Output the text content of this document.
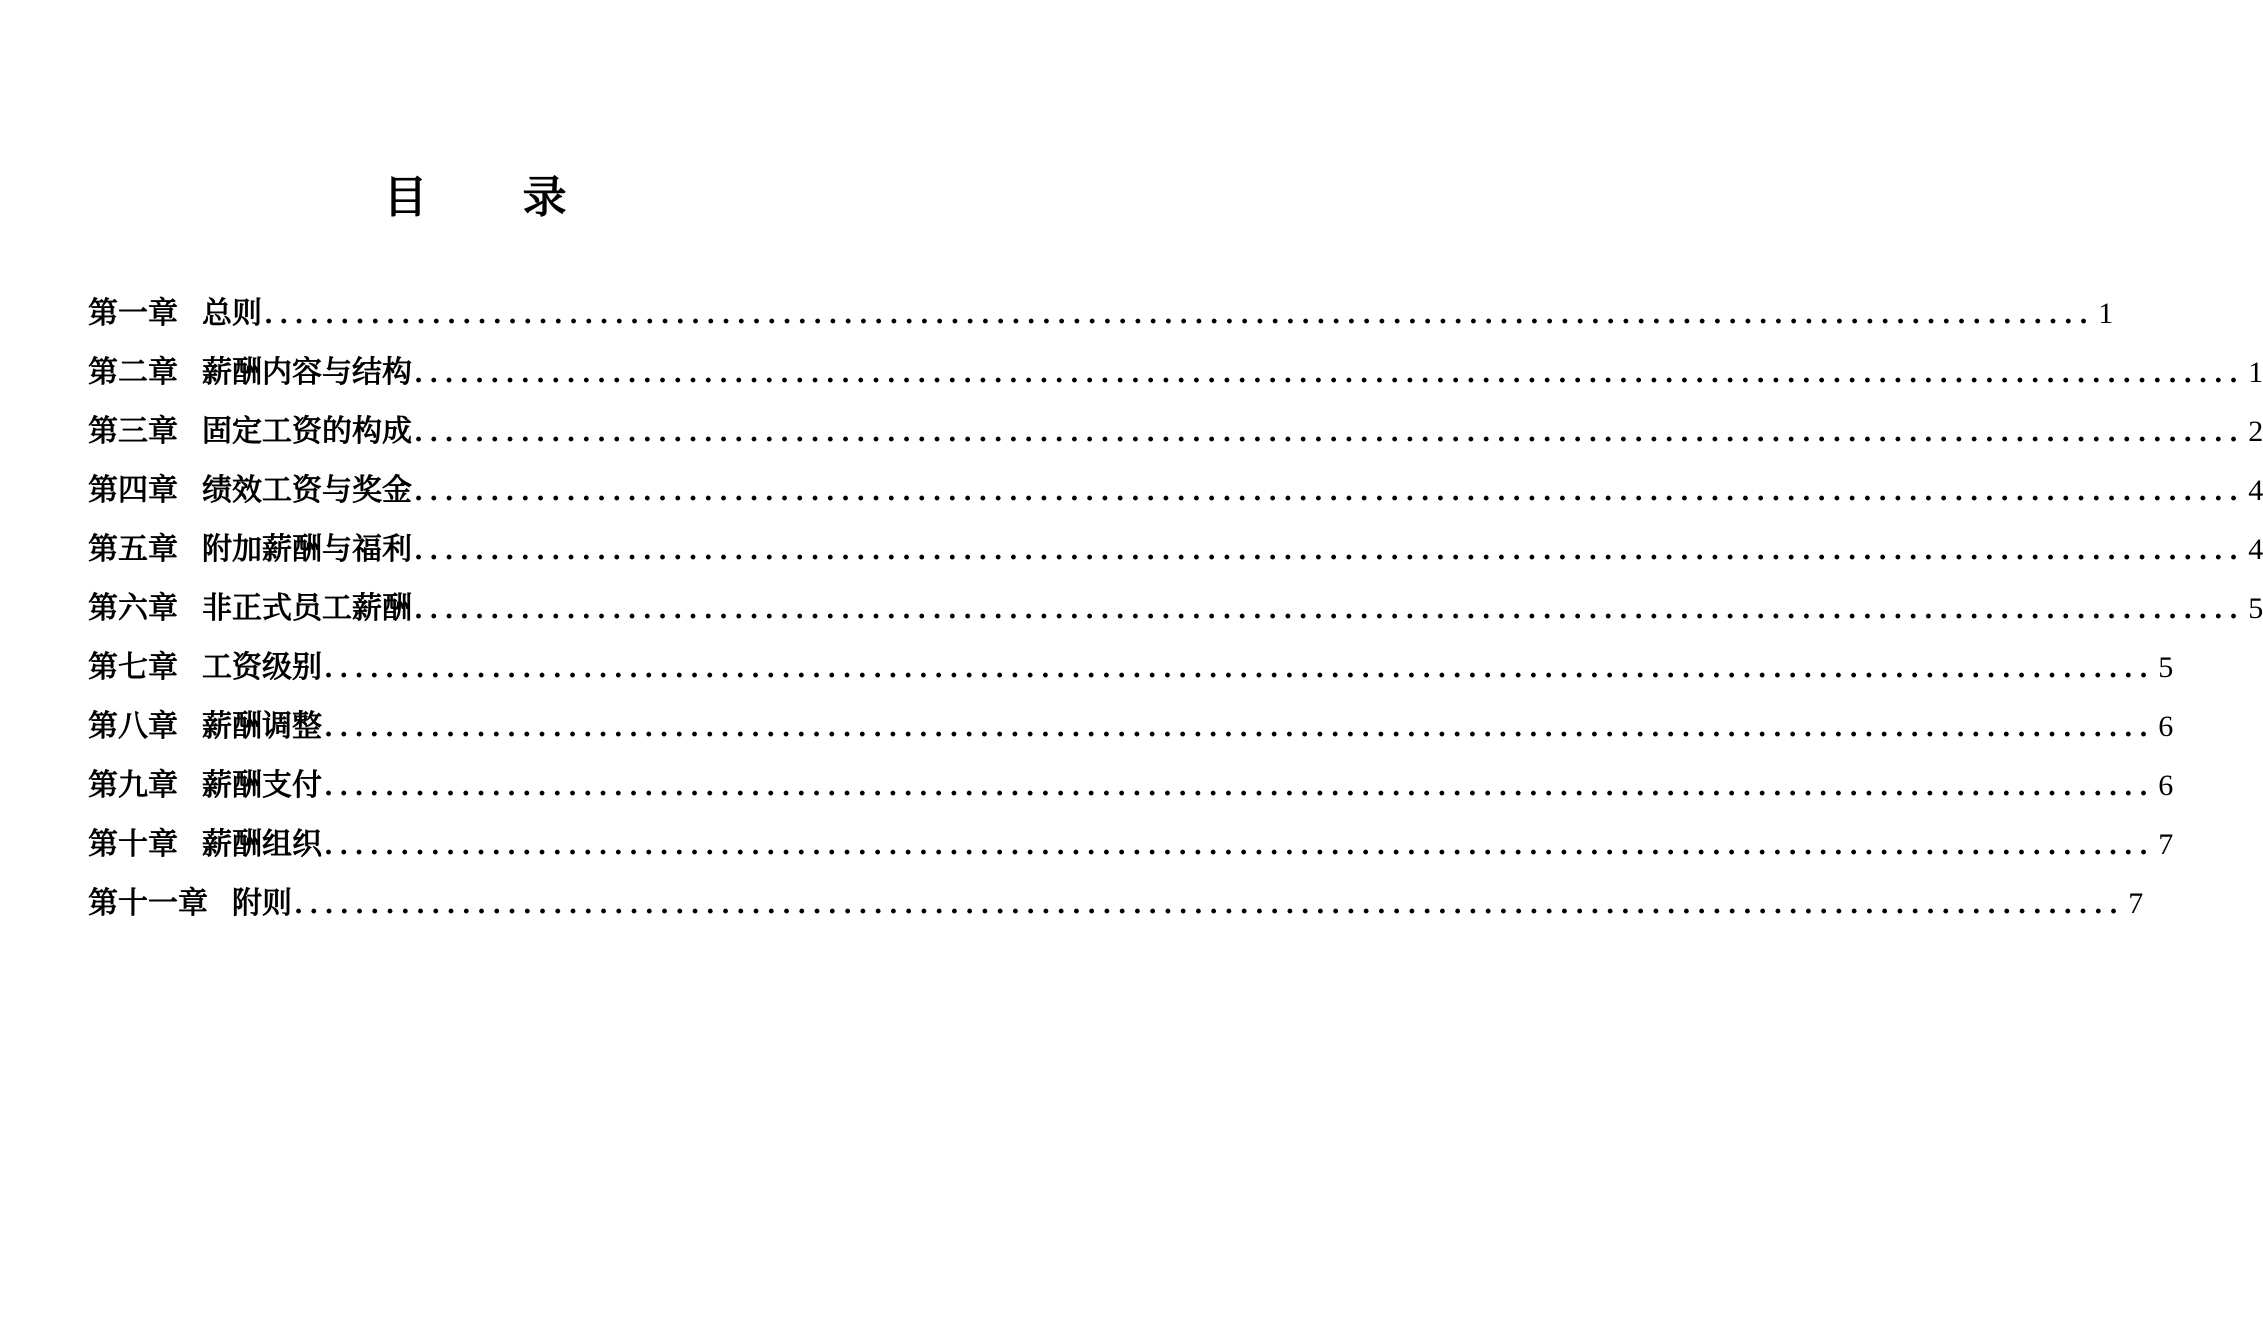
目 录
第一章 总则 ........................................................................................................................ 1
第二章 薪酬内容与结构 ........................................................................................................................ 1
第三章 固定工资的构成 ........................................................................................................................ 2
第四章 绩效工资与奖金 ........................................................................................................................ 4
第五章 附加薪酬与福利 ........................................................................................................................ 4
第六章 非正式员工薪酬 ........................................................................................................................ 5
第七章 工资级别 ........................................................................................................................ 5
第八章 薪酬调整 ........................................................................................................................ 6
第九章 薪酬支付 ........................................................................................................................ 6
第十章 薪酬组织 ........................................................................................................................ 7
第十一章 附则 ........................................................................................................................ 7
